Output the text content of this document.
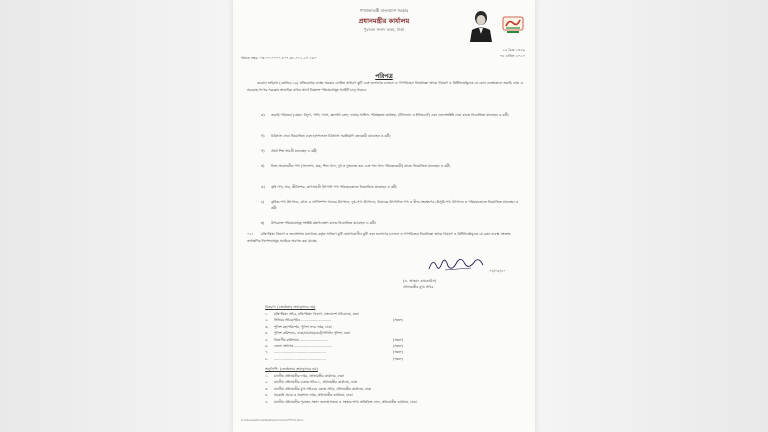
গণপ্রজাতন্ত্রী বাংলাদেশ সরকার
প্রধানমন্ত্রীর কার্যালয়
পুরাতন সংসদ ভবন, ঢাকা
স্মারক নম্বর: ০৩.০০.০০০০.৫০৭.৩১.০১১.২০.১৯০
২২ চৈত্র ১৪২৬
০৪ এপ্রিল ২০২০
পরিপত্র
করোনা ভাইরাস (কোভিড-১৯) প্রতিরোধের লক্ষ্যে সরকার ঘোষিত সাধারণ ছুটি এবং জনগণের চলাচল ও গণপরিবহন নিষেধাজ্ঞা অথবা নিয়ন্ত্রণ ও বিধিনিষেধমূলক যে কোন ব্যবস্থাকালে জরুরি সেবা ও সরবরাহ-পণ্যের সরবরাহ স্বাভাবিক রাখার স্বার্থে নিম্নোক্ত পরিষেবাসমূহ সবাইটি চালু থাকবে:
ক)	জরুরি পরিষেবা (যেমন: বিদ্যুৎ, পানি, গ্যাস, জ্বালানি তেল, ফায়ার সার্ভিস, পরিচ্ছন্নতা কার্যক্রম, টেলিফোন ও ইন্টারনেট) এবং এতদসংশ্লিষ্ট সেবা কাজে নিয়োজিত যানবাহন ও কর্মী;
খ)	চিকিৎসা সেবা নিয়োজিত এবং হাসপাতাল চিকিৎসা সরঞ্জামাদি বহনকারী যানবাহন ও কর্মী;
গ)	ঔষধ শিল্প সামগ্রী যানবাহন ও কর্মী;
ঘ)	নিত্য প্রয়োজনীয় পণ্য (খাদ্যশস্য, মাছ, শিশু খাদ্য, দুধ ও দুগ্ধজাত দ্রব্য এবং পশু খাদ্য পরিবহনকারী) কাজে নিয়োজিত যানবাহন ও কর্মী;
ঙ)	কৃষি পণ্য, সার, কীটনাশক, ত্রাণসামগ্রী উৎপাদি পণ্য পরিবহনকাজে নিয়োজিত যানবাহন ও কর্মী;
চ)	কৃষিজ-পণ্য উৎপাদন, মৎস্য ও প্রাণিসম্পদ খাতের উৎপাদন, দুগ্ধ-পণ্য উৎপাদন, খামারের উৎপাদিত পণ্য ও বীজ-সংরক্ষণের মৌসুমি পণ্য উৎপাদন ও পরিবহনকাজে নিয়োজিত যানবাহন ও কর্মী;
ছ)	উপরোক্ত পরিষেবাসমূহ সংশ্লিষ্ট রক্ষণাবেক্ষণ কাজে নিয়োজিত যানবাহন ও কর্মী।
০২। মন্ত্রিপরিষদ বিভাগ ও জনপ্রশাসন মন্ত্রণালয় কর্তৃক সাধারণ ছুটি ঘোষণাকালীন ছুটি এবং জনগণের চলাচল ও গণপরিবহন নিষেধাজ্ঞা অথবা নিয়ন্ত্রণ ও বিধিনিষেধমূলক যে কোন ব্যবস্থা সংক্রান্ত তাৎক্ষণিক নির্দেশনাসমূহ সবাইকে অবগত করা যাচ্ছে।
০৪/০৪/২০
(ড. আহমদ কায়কাউস)
প্রধানমন্ত্রীর মুখ্য সচিব
বিতরণ: (জ্যেষ্ঠতার ক্রমানুসারে নয়)
১. মন্ত্রিপরিষদ সচিব, মন্ত্রিপরিষদ বিভাগ, বাংলাদেশ সচিবালয়, ঢাকা
২. সিনিয়র সচিব/সচিব ............................	(সকল)
৩. পুলিশ মহাপরিদর্শক, পুলিশ সদর দপ্তর, ঢাকা
৪. পুলিশ কমিশনার, ঢাকা/চট্টগ্রাম/মেট্রোপলিটন পুলিশ, ঢাকা
৫. বিভাগীয় কমিশনার ..........................	(সকল)
৬. জেলা প্রশাসক ...................................	(সকল)
৭. ................................................	(সকল)
৮. ................................................	(সকল)
অনুলিপি: (জ্যেষ্ঠতার ক্রমানুসারে নয়)
১. মাননীয় প্রধানমন্ত্রীর দপ্তর, প্রধানমন্ত্রীর কার্যালয়, ঢাকা
২. মাননীয় প্রধানমন্ত্রীর একান্ত সচিব-১, প্রধানমন্ত্রীর কার্যালয়, ঢাকা
৩. মাননীয় প্রধানমন্ত্রীর মুখ্য সচিবের একান্ত সচিব, প্রধানমন্ত্রীর কার্যালয়, ঢাকা
৪. সরকারি প্রচার ও প্রকাশনা দপ্তর, প্রধানমন্ত্রীর কার্যালয়, ঢাকা
৫. মাননীয় প্রধানমন্ত্রীর পুরাতন সংসদ ভবনস্থ সমন্বয় ও সংস্কার শাখা অতিরিক্ত সেল, প্রধানমন্ত্রীর কার্যালয়, ঢাকা
C:\Users\Admin\Desktop\Circular\পরিপত্র.docx
